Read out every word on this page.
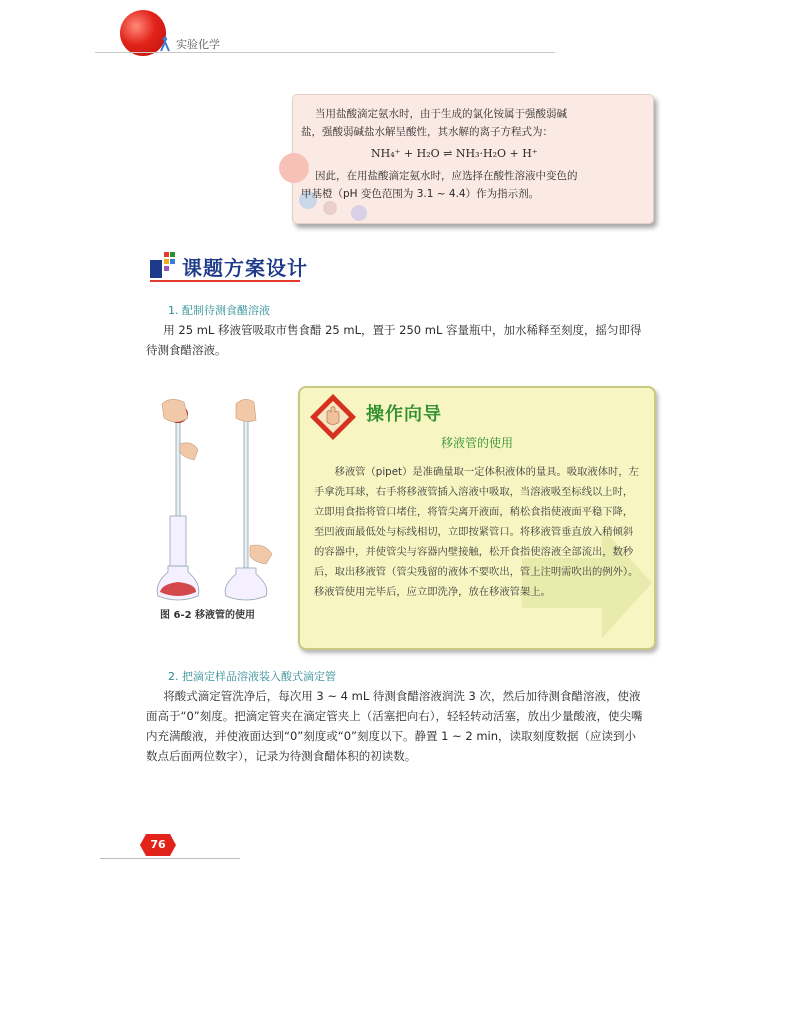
实验化学

当用盐酸滴定氨水时，由于生成的氯化铵属于强酸弱碱

盐，强酸弱碱盐水解呈酸性，其水解的离子方程式为：

NH₄⁺ + H₂O ⇌ NH₃·H₂O + H⁺

因此，在用盐酸滴定氨水时，应选择在酸性溶液中变色的

甲基橙（pH 变色范围为 3.1 ~ 4.4）作为指示剂。

课题方案设计
1. 配制待测食醋溶液
用 25 mL 移液管吸取市售食醋 25 mL，置于 250 mL 容量瓶中，加水稀释至刻度，摇匀即得待测食醋溶液。
图 6-2 移液管的使用
操作向导
移液管的使用

移液管（pipet）是准确量取一定体积液体的量具。吸取液体时，左手拿洗耳球，右手将移液管插入溶液中吸取，当溶液吸至标线以上时，立即用食指将管口堵住，将管尖离开液面，稍松食指使液面平稳下降，至凹液面最低处与标线相切，立即按紧管口。将移液管垂直放入稍倾斜的容器中，并使管尖与容器内壁接触，松开食指使溶液全部流出，数秒后，取出移液管（管尖残留的液体不要吹出，管上注明需吹出的例外）。移液管使用完毕后，应立即洗净，放在移液管架上。

2. 把滴定样品溶液装入酸式滴定管
将酸式滴定管洗净后，每次用 3 ~ 4 mL 待测食醋溶液润洗 3 次，然后加待测食醋溶液，使液面高于“0”刻度。把滴定管夹在滴定管夹上（活塞把向右），轻轻转动活塞，放出少量酸液，使尖嘴内充满酸液，并使液面达到“0”刻度或“0”刻度以下。静置 1 ~ 2 min，读取刻度数据（应读到小数点后面两位数字），记录为待测食醋体积的初读数。
76
